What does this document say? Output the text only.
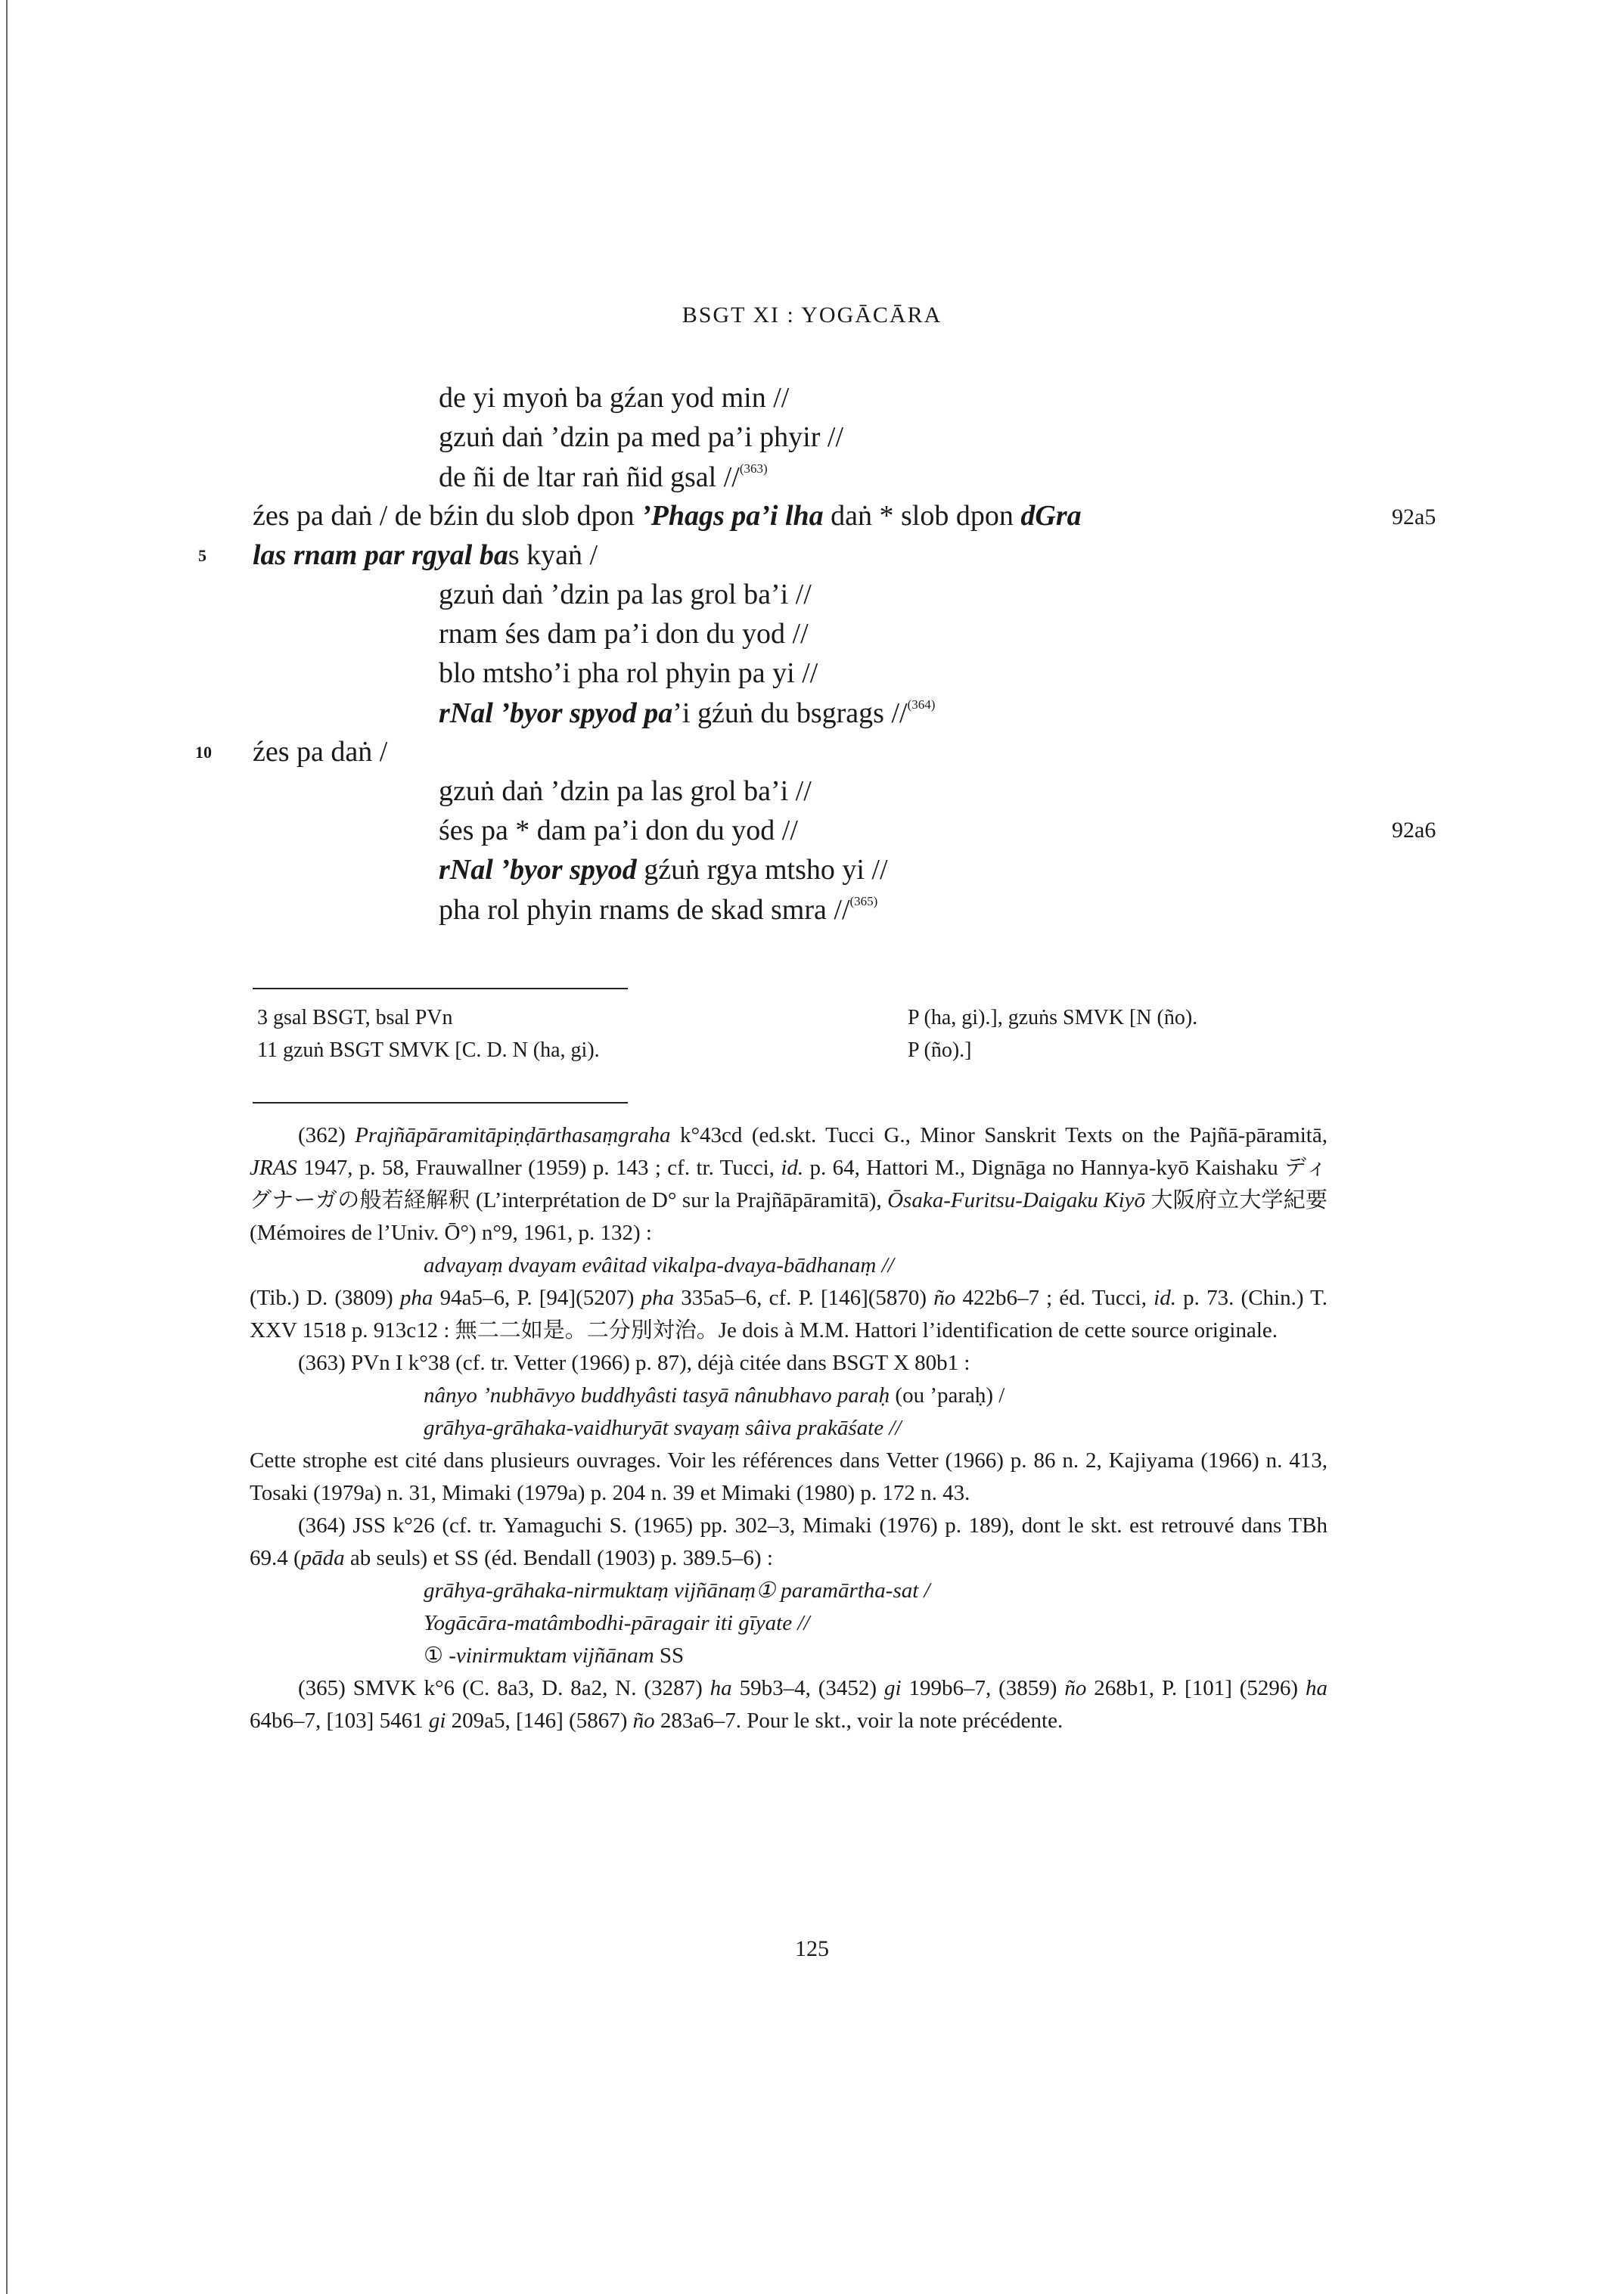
BSGT XI : YOGĀCĀRA
de yi myoṅ ba gźan yod min //
gzuṅ daṅ ’dzin pa med pa’i phyir //
de ñi de ltar raṅ ñid gsal //$^{(363)}$
źes pa daṅ / de bźin du slob dpon ’Phags pa’i lha daṅ * slob dpon dGra	92a5
5 las rnam par rgyal bas kyaṅ /
gzuṅ daṅ ’dzin pa las grol ba’i //
rnam śes dam pa’i don du yod //
blo mtsho’i pha rol phyin pa yi //
rNal ’byor spyod pa’i gźuṅ du bsgrags //$^{(364)}$
10 źes pa daṅ /
gzuṅ daṅ ’dzin pa las grol ba’i //
śes pa * dam pa’i don du yod //	92a6
rNal ’byor spyod gźuṅ rgya mtsho yi //
pha rol phyin rnams de skad smra //$^{(365)}$
3 gsal BSGT, bsal PVn	P (ha, gi).], gzuṅs SMVK [N (ño).
11 gzuṅ BSGT SMVK [C. D. N (ha, gi).	P (ño).]

(362) Prajñāpāramitāpiṇḍārthasaṃgraha k°43cd (ed.skt. Tucci G., Minor Sanskrit Texts on the Pajñā-pāramitā, JRAS 1947, p. 58, Frauwallner (1959) p. 143 ; cf. tr. Tucci, id. p. 64, Hattori M., Dignāga no Hannya-kyō Kaishaku ディグナーガの般若経解釈 (L’interprétation de D° sur la Prajñāpāramitā), Ōsaka-Furitsu-Daigaku Kiyō 大阪府立大学紀要 (Mémoires de l’Univ. Ō°) n°9, 1961, p. 132) :

advayaṃ dvayam evâitad vikalpa-dvaya-bādhanaṃ //

(Tib.) D. (3809) pha 94a5–6, P. [94](5207) pha 335a5–6, cf. P. [146](5870) ño 422b6–7 ; éd. Tucci, id. p. 73. (Chin.) T. XXV 1518 p. 913c12 : 無二二如是。二分別対治。Je dois à M.M. Hattori l’identification de cette source originale.

(363) PVn I k°38 (cf. tr. Vetter (1966) p. 87), déjà citée dans BSGT X 80b1 :

nânyo ’nubhāvyo buddhyâsti tasyā nânubhavo paraḥ (ou ’paraḥ) /

grāhya-grāhaka-vaidhuryāt svayaṃ sâiva prakāśate //

Cette strophe est cité dans plusieurs ouvrages. Voir les références dans Vetter (1966) p. 86 n. 2, Kajiyama (1966) n. 413, Tosaki (1979a) n. 31, Mimaki (1979a) p. 204 n. 39 et Mimaki (1980) p. 172 n. 43.

(364) JSS k°26 (cf. tr. Yamaguchi S. (1965) pp. 302–3, Mimaki (1976) p. 189), dont le skt. est retrouvé dans TBh 69.4 (pāda ab seuls) et SS (éd. Bendall (1903) p. 389.5–6) :

grāhya-grāhaka-nirmuktaṃ vijñānaṃ① paramārtha-sat /

Yogācāra-matâmbodhi-pāragair iti gīyate //

① -vinirmuktam vijñānam SS

(365) SMVK k°6 (C. 8a3, D. 8a2, N. (3287) ha 59b3–4, (3452) gi 199b6–7, (3859) ño 268b1, P. [101] (5296) ha 64b6–7, [103] 5461 gi 209a5, [146] (5867) ño 283a6–7. Pour le skt., voir la note précédente.

125
